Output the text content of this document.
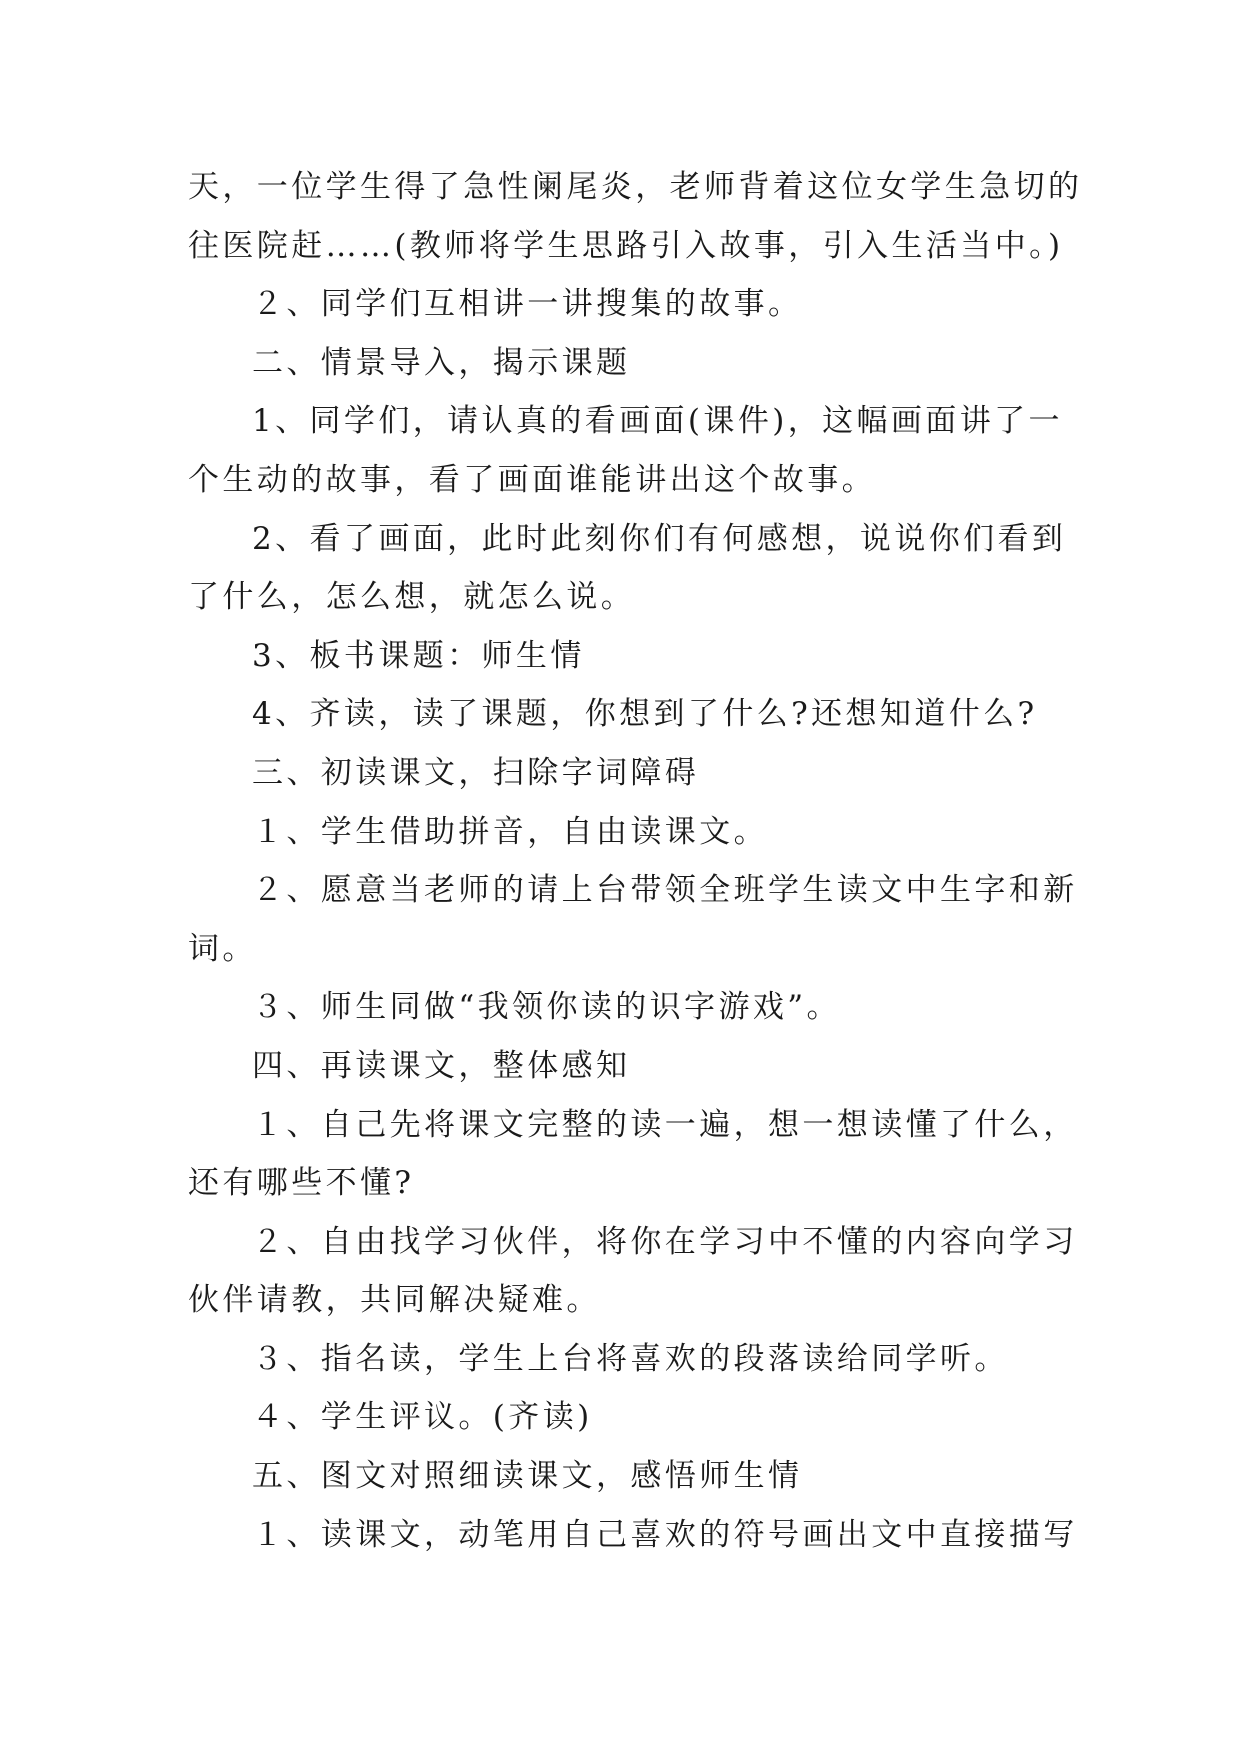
天，一位学生得了急性阑尾炎，老师背着这位女学生急切的
往医院赶……(教师将学生思路引入故事，引入生活当中。)
２、同学们互相讲一讲搜集的故事。
二、情景导入，揭示课题
1、同学们，请认真的看画面(课件)，这幅画面讲了一
个生动的故事，看了画面谁能讲出这个故事。
2、看了画面，此时此刻你们有何感想，说说你们看到
了什么，怎么想，就怎么说。
3、板书课题：师生情
4、齐读，读了课题，你想到了什么?还想知道什么?
三、初读课文，扫除字词障碍
１、学生借助拼音，自由读课文。
２、愿意当老师的请上台带领全班学生读文中生字和新
词。
３、师生同做“我领你读的识字游戏”。
四、再读课文，整体感知
１、自己先将课文完整的读一遍，想一想读懂了什么，
还有哪些不懂?
２、自由找学习伙伴，将你在学习中不懂的内容向学习
伙伴请教，共同解决疑难。
３、指名读，学生上台将喜欢的段落读给同学听。
４、学生评议。(齐读)
五、图文对照细读课文，感悟师生情
１、读课文，动笔用自己喜欢的符号画出文中直接描写
